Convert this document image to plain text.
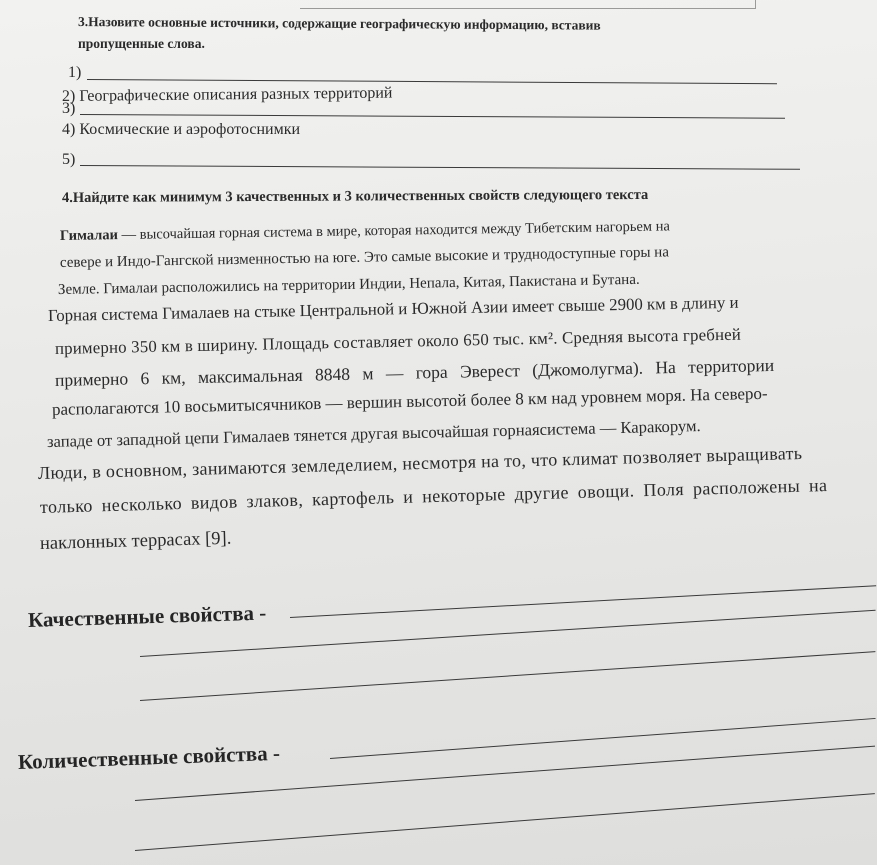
3.Назовите основные источники, содержащие географическую информацию, вставив
пропущенные слова.
1)
2) Географические описания разных территорий
3)
4) Космические и аэрофотоснимки
5)
4.Найдите как минимум 3 качественных и 3 количественных свойств следующего текста
Гималаи — высочайшая горная система в мире, которая находится между Тибетским нагорьем на
севере и Индо-Гангской низменностью на юге. Это самые высокие и труднодоступные горы на
Земле. Гималаи расположились на территории Индии, Непала, Китая, Пакистана и Бутана.
Горная система Гималаев на стыке Центральной и Южной Азии имеет свыше 2900 км в длину и
примерно 350 км в ширину. Площадь составляет около 650 тыс. км². Средняя высота гребней
примерно 6 км, максимальная 8848 м — гора Эверест (Джомолугма). На территории
располагаются 10 восьмитысячников — вершин высотой более 8 км над уровнем моря. На северо-
западе от западной цепи Гималаев тянется другая высочайшая горнаясистема — Каракорум.
Люди, в основном, занимаются земледелием, несмотря на то, что климат позволяет выращивать
только несколько видов злаков, картофель и некоторые другие овощи. Поля расположены на
наклонных террасах [9].
Качественные свойства -
Количественные свойства -
